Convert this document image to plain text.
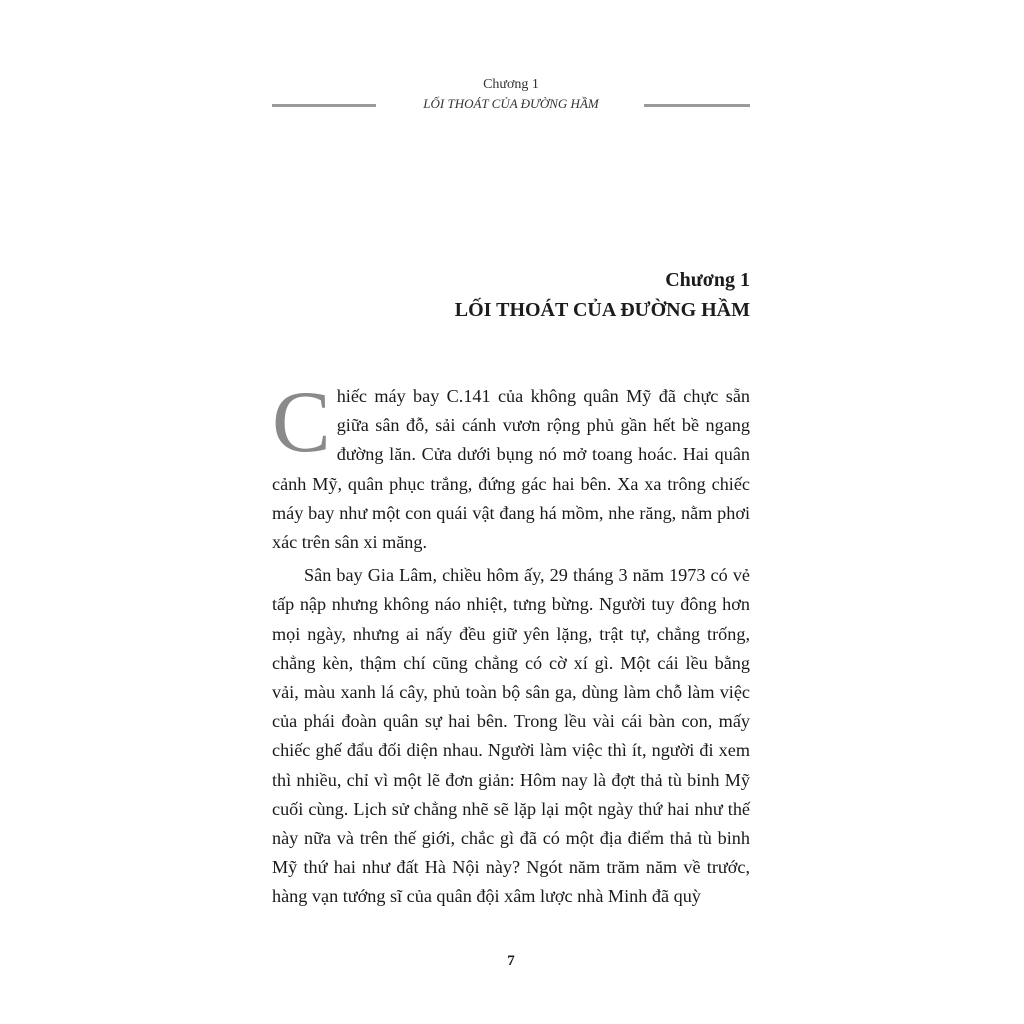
Chương 1
LỐI THOÁT CỦA ĐƯỜNG HẦM
Chương 1
LỐI THOÁT CỦA ĐƯỜNG HẦM

Chiếc máy bay C.141 của không quân Mỹ đã chực sẵn giữa sân đỗ, sải cánh vươn rộng phủ gần hết bề ngang đường lăn. Cửa dưới bụng nó mở toang hoác. Hai quân cảnh Mỹ, quân phục trắng, đứng gác hai bên. Xa xa trông chiếc máy bay như một con quái vật đang há mồm, nhe răng, nằm phơi xác trên sân xi măng.

Sân bay Gia Lâm, chiều hôm ấy, 29 tháng 3 năm 1973 có vẻ tấp nập nhưng không náo nhiệt, tưng bừng. Người tuy đông hơn mọi ngày, nhưng ai nấy đều giữ yên lặng, trật tự, chẳng trống, chẳng kèn, thậm chí cũng chẳng có cờ xí gì. Một cái lều bằng vải, màu xanh lá cây, phủ toàn bộ sân ga, dùng làm chỗ làm việc của phái đoàn quân sự hai bên. Trong lều vài cái bàn con, mấy chiếc ghế đẩu đối diện nhau. Người làm việc thì ít, người đi xem thì nhiều, chỉ vì một lẽ đơn giản: Hôm nay là đợt thả tù binh Mỹ cuối cùng. Lịch sử chẳng nhẽ sẽ lặp lại một ngày thứ hai như thế này nữa và trên thế giới, chắc gì đã có một địa điểm thả tù binh Mỹ thứ hai như đất Hà Nội này? Ngót năm trăm năm về trước, hàng vạn tướng sĩ của quân đội xâm lược nhà Minh đã quỳ

7
